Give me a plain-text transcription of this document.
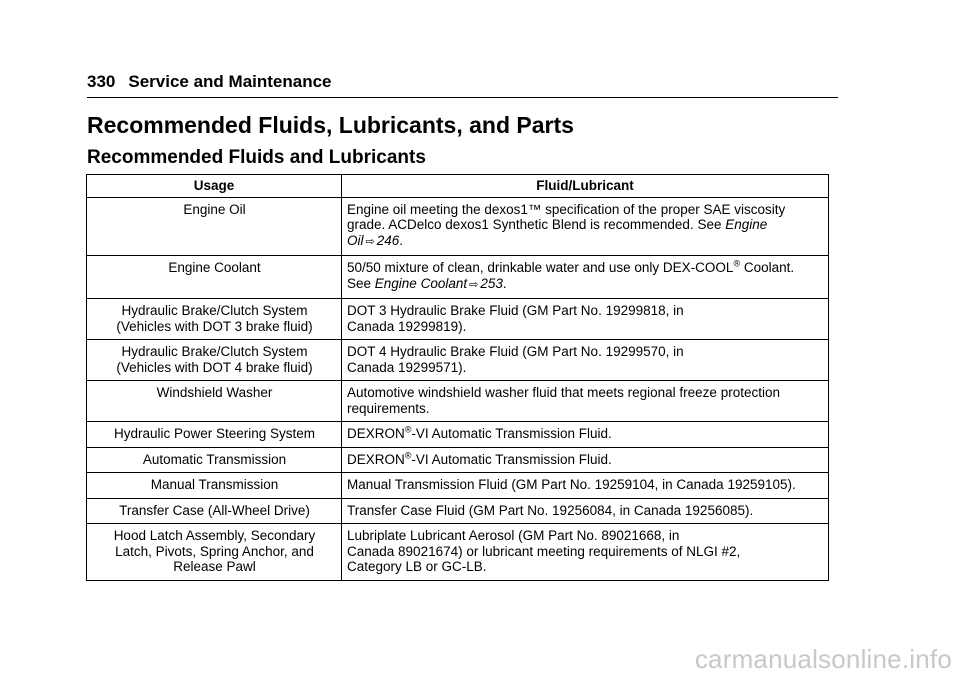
330 Service and Maintenance
Recommended Fluids, Lubricants, and Parts
Recommended Fluids and Lubricants
Usage	Fluid/Lubricant
Engine Oil	Engine oil meeting the dexos1™ specification of the proper SAE viscosity
grade. ACDelco dexos1 Synthetic Blend is recommended. See Engine Oil ⇨ 246.
Engine Coolant	50/50 mixture of clean, drinkable water and use only DEX-COOL® Coolant.
See Engine Coolant ⇨ 253.
Hydraulic Brake/Clutch System
(Vehicles with DOT 3 brake fluid)	DOT 3 Hydraulic Brake Fluid (GM Part No. 19299818, in
Canada 19299819).
Hydraulic Brake/Clutch System
(Vehicles with DOT 4 brake fluid)	DOT 4 Hydraulic Brake Fluid (GM Part No. 19299570, in
Canada 19299571).
Windshield Washer	Automotive windshield washer fluid that meets regional freeze protection
requirements.
Hydraulic Power Steering System	DEXRON®-VI Automatic Transmission Fluid.
Automatic Transmission	DEXRON®-VI Automatic Transmission Fluid.
Manual Transmission	Manual Transmission Fluid (GM Part No. 19259104, in Canada 19259105).
Transfer Case (All-Wheel Drive)	Transfer Case Fluid (GM Part No. 19256084, in Canada 19256085).
Hood Latch Assembly, Secondary
Latch, Pivots, Spring Anchor, and
Release Pawl	Lubriplate Lubricant Aerosol (GM Part No. 89021668, in
Canada 89021674) or lubricant meeting requirements of NLGI #2,
Category LB or GC-LB.
carmanualsonline.info
